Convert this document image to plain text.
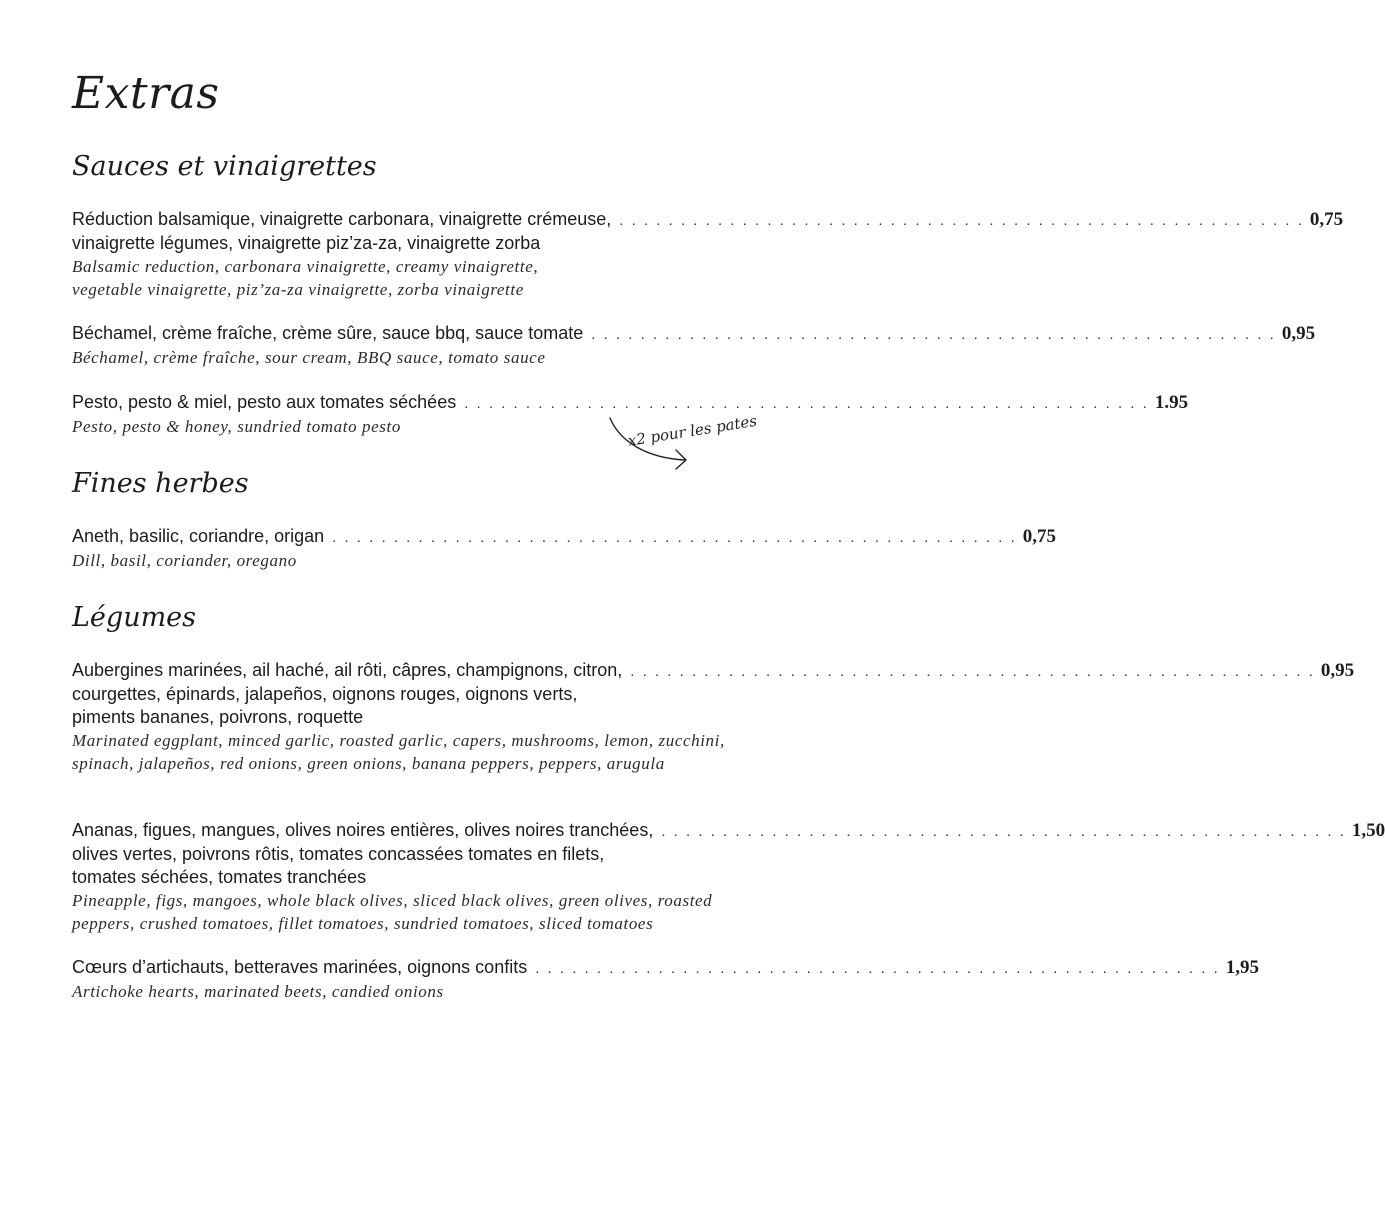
Extras
Sauces et vinaigrettes
Réduction balsamique, vinaigrette carbonara, vinaigrette crémeuse, . . . . . . . . . . . . . . . . . . . . . . . . . . . . . . . . . . . . . . . . . . . . . . . . . . . . . . . . 0,75
vinaigrette légumes, vinaigrette piz’za-za, vinaigrette zorba
Balsamic reduction, carbonara vinaigrette, creamy vinaigrette,
vegetable vinaigrette, piz’za-za vinaigrette, zorba vinaigrette
Béchamel, crème fraîche, crème sûre, sauce bbq, sauce tomate . . . . . . . . . . . . . . . . . . . . . . . . . . . . . . . . . . . . . . . . . . . . . . . . . . . . . . . . 0,95
Béchamel, crème fraîche, sour cream, BBQ sauce, tomato sauce
Pesto, pesto & miel, pesto aux tomates séchées . . . . . . . . . . . . . . . . . . . . . . . . . . . . . . . . . . . . . . . . . . . . . . . . . . . . . . . . 1.95
Pesto, pesto & honey, sundried tomato pesto
Fines herbes
Aneth, basilic, coriandre, origan . . . . . . . . . . . . . . . . . . . . . . . . . . . . . . . . . . . . . . . . . . . . . . . . . . . . . . . . 0,75
Dill, basil, coriander, oregano
Légumes
Aubergines marinées, ail haché, ail rôti, câpres, champignons, citron, . . . . . . . . . . . . . . . . . . . . . . . . . . . . . . . . . . . . . . . . . . . . . . . . . . . . . . . . 0,95
courgettes, épinards, jalapeños, oignons rouges, oignons verts,
piments bananes, poivrons, roquette
Marinated eggplant, minced garlic, roasted garlic, capers, mushrooms, lemon, zucchini,
spinach, jalapeños, red onions, green onions, banana peppers, peppers, arugula
Ananas, figues, mangues, olives noires entières, olives noires tranchées, . . . . . . . . . . . . . . . . . . . . . . . . . . . . . . . . . . . . . . . . . . . . . . . . . . . . . . . . 1,50
olives vertes, poivrons rôtis, tomates concassées tomates en filets,
tomates séchées, tomates tranchées
Pineapple, figs, mangoes, whole black olives, sliced black olives, green olives, roasted
peppers, crushed tomatoes, fillet tomatoes, sundried tomatoes, sliced tomatoes
Cœurs d’artichauts, betteraves marinées, oignons confits . . . . . . . . . . . . . . . . . . . . . . . . . . . . . . . . . . . . . . . . . . . . . . . . . . . . . . . . 1,95
Artichoke hearts, marinated beets, candied onions
x2 pour les pates
